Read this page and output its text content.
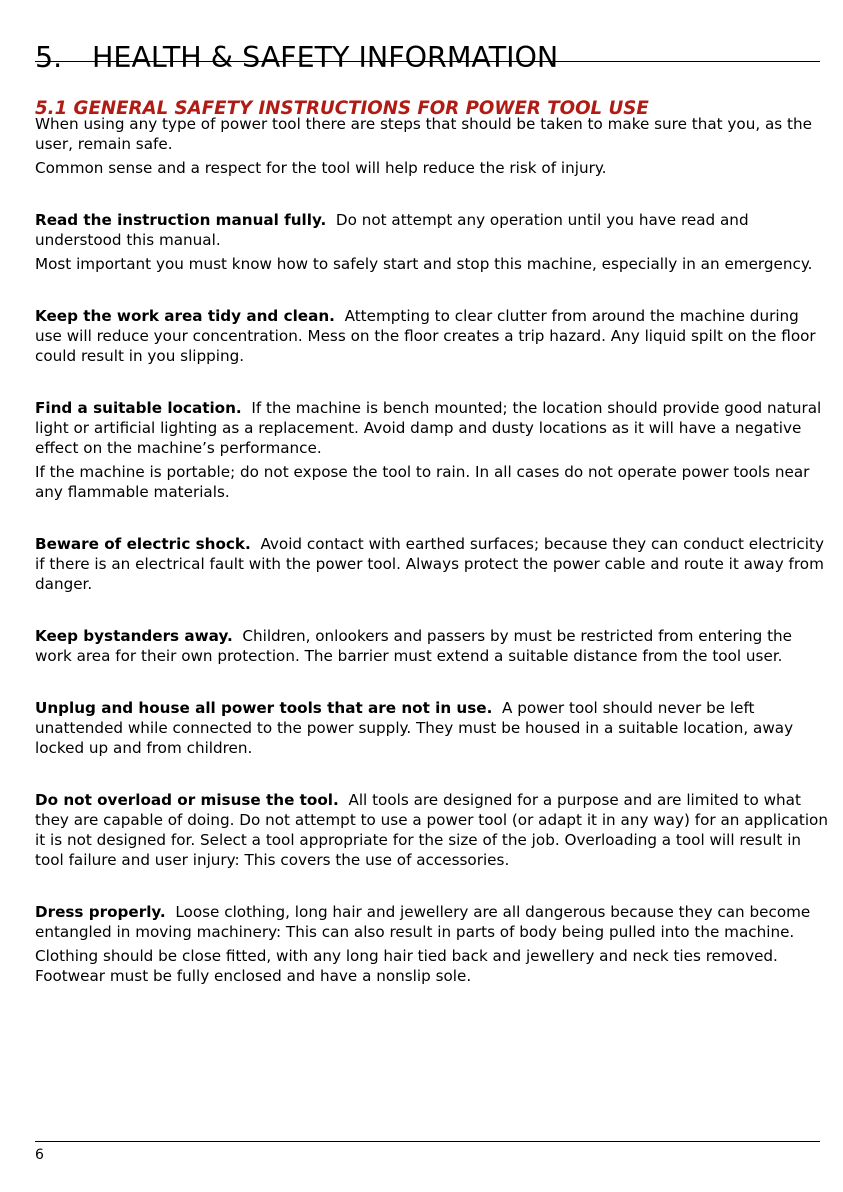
5. HEALTH & SAFETY INFORMATION
5.1 GENERAL SAFETY INSTRUCTIONS FOR POWER TOOL USE

When using any type of power tool there are steps that should be taken to make sure that you, as the user, remain safe.

Common sense and a respect for the tool will help reduce the risk of injury.

Read the instruction manual fully. Do not attempt any operation until you have read and understood this manual.

Most important you must know how to safely start and stop this machine, especially in an emergency.

Keep the work area tidy and clean. Attempting to clear clutter from around the machine during use will reduce your concentration. Mess on the floor creates a trip hazard. Any liquid spilt on the floor could result in you slipping.

Find a suitable location. If the machine is bench mounted; the location should provide good natural light or artificial lighting as a replacement. Avoid damp and dusty locations as it will have a negative effect on the machine’s performance.

If the machine is portable; do not expose the tool to rain. In all cases do not operate power tools near any flammable materials.

Beware of electric shock. Avoid contact with earthed surfaces; because they can conduct electricity if there is an electrical fault with the power tool. Always protect the power cable and route it away from danger.

Keep bystanders away. Children, onlookers and passers by must be restricted from entering the work area for their own protection. The barrier must extend a suitable distance from the tool user.

Unplug and house all power tools that are not in use. A power tool should never be left unattended while connected to the power supply. They must be housed in a suitable location, away locked up and from children.

Do not overload or misuse the tool. All tools are designed for a purpose and are limited to what they are capable of doing. Do not attempt to use a power tool (or adapt it in any way) for an application it is not designed for. Select a tool appropriate for the size of the job. Overloading a tool will result in tool failure and user injury: This covers the use of accessories.

Dress properly. Loose clothing, long hair and jewellery are all dangerous because they can become entangled in moving machinery: This can also result in parts of body being pulled into the machine.

Clothing should be close fitted, with any long hair tied back and jewellery and neck ties removed. Footwear must be fully enclosed and have a nonslip sole.

6
